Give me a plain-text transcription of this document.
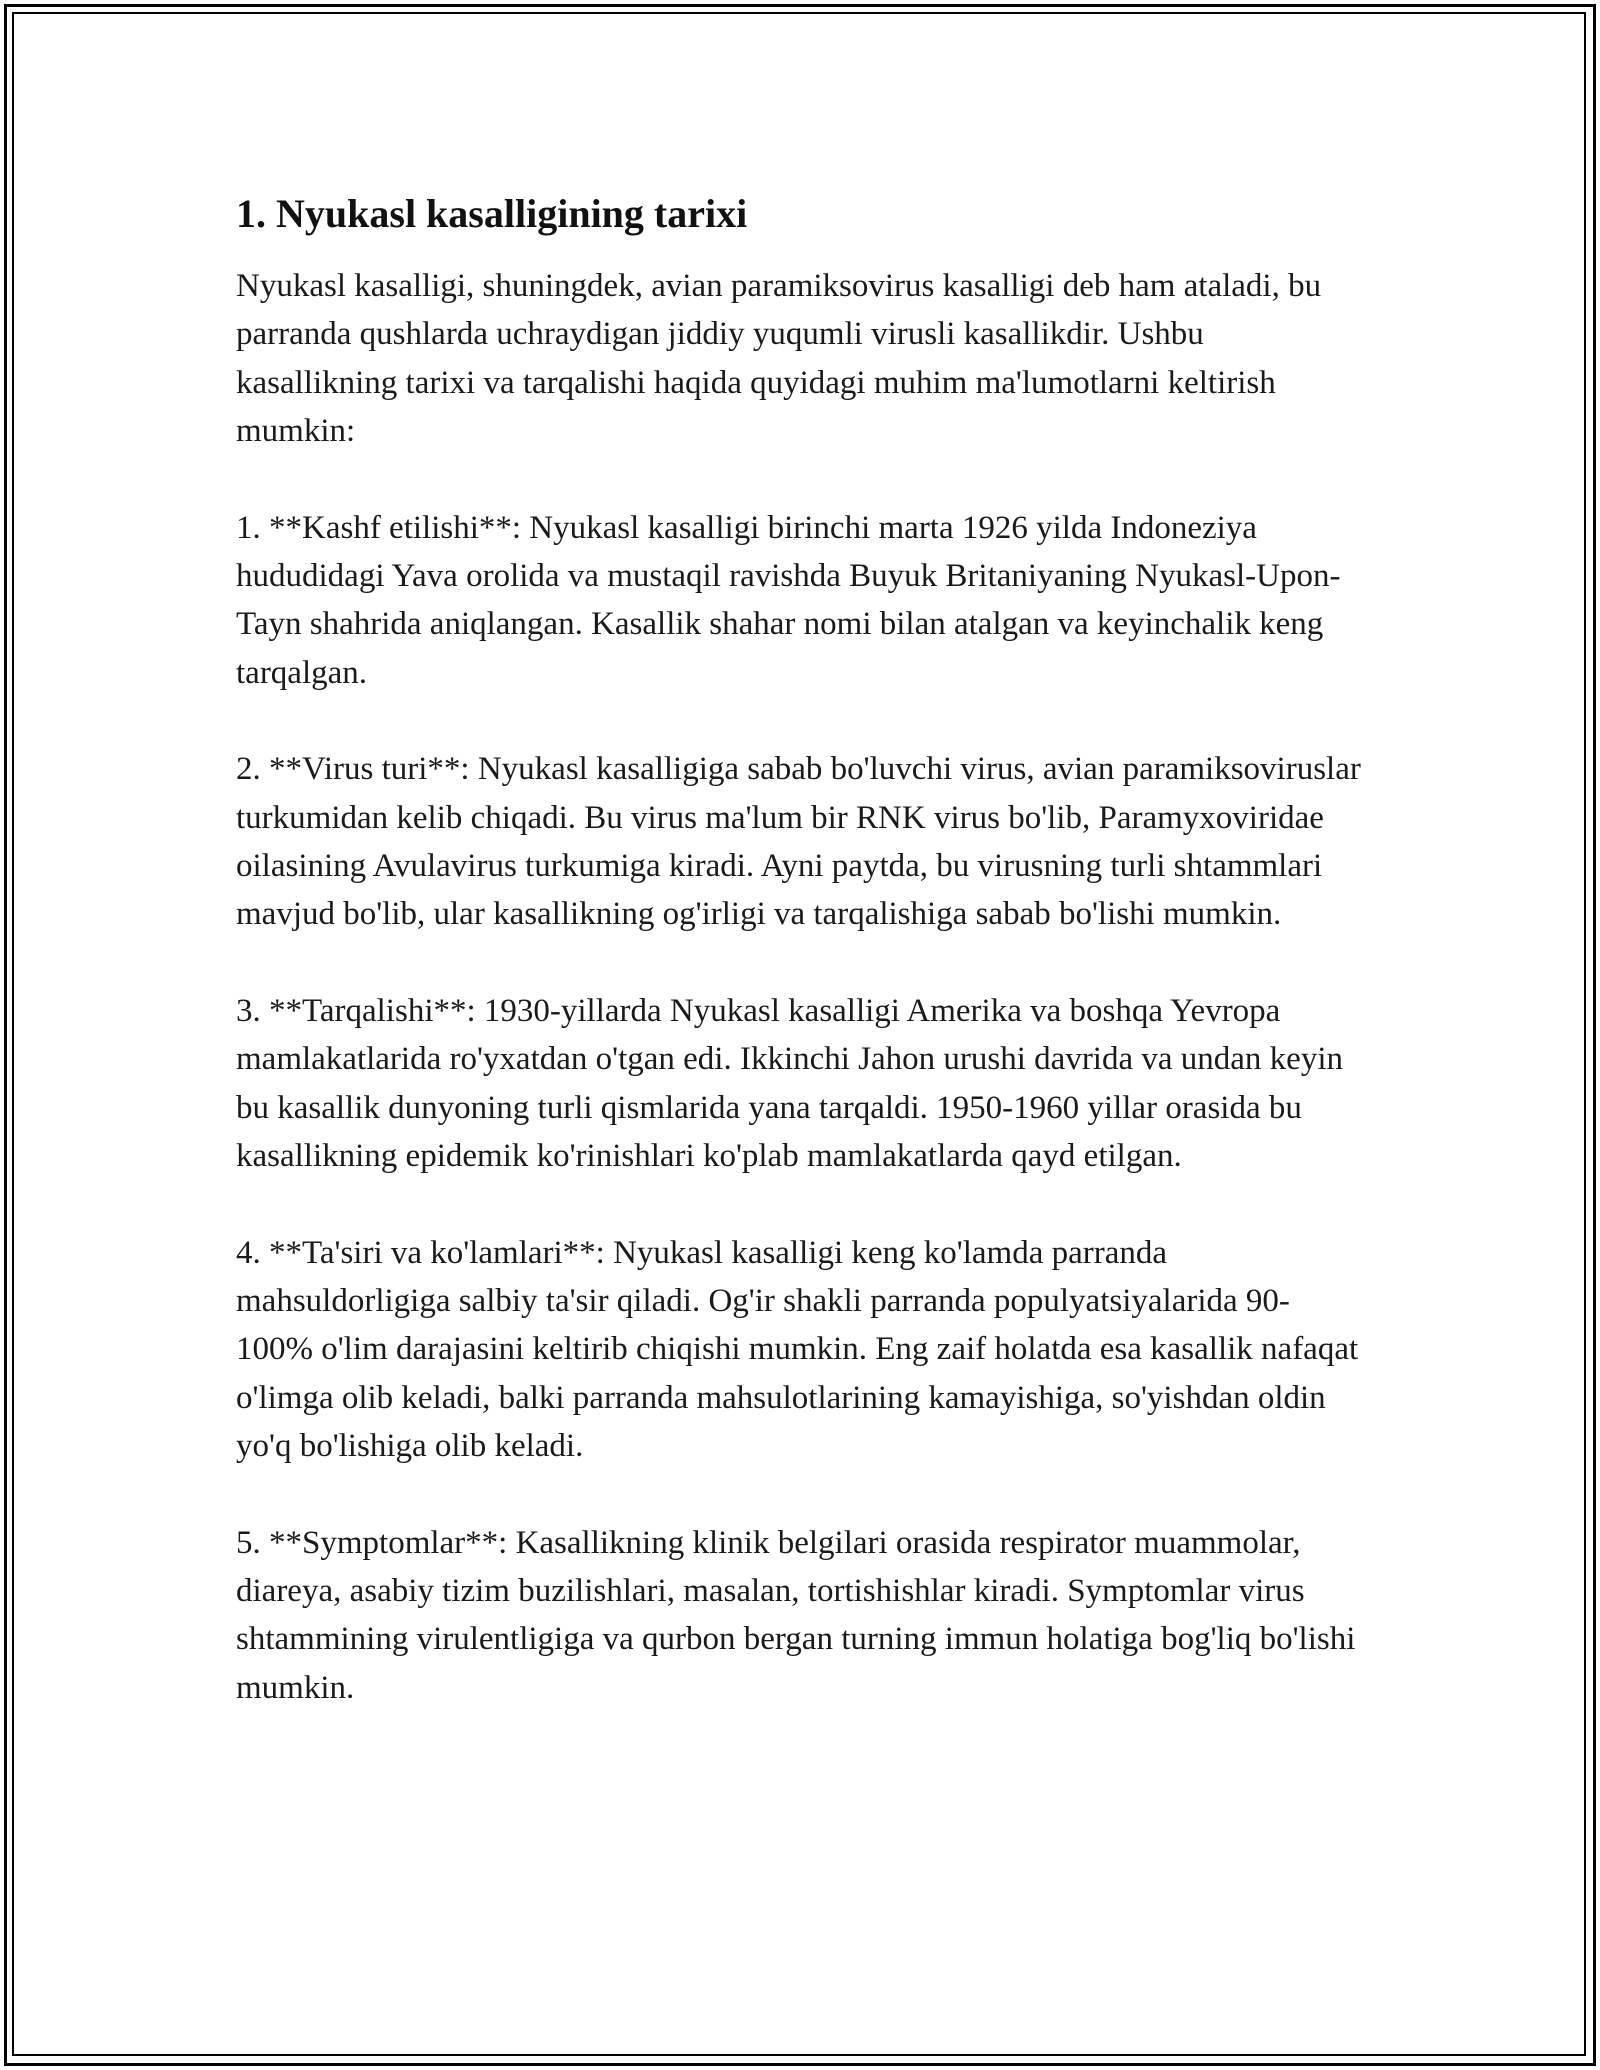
1. Nyukasl kasalligining tarixi

Nyukasl kasalligi, shuningdek, avian paramiksovirus kasalligi deb ham ataladi, bu parranda qushlarda uchraydigan jiddiy yuqumli virusli kasallikdir. Ushbu kasallikning tarixi va tarqalishi haqida quyidagi muhim ma'lumotlarni keltirish mumkin:

1. **Kashf etilishi**: Nyukasl kasalligi birinchi marta 1926 yilda Indoneziya hududidagi Yava orolida va mustaqil ravishda Buyuk Britaniyaning Nyukasl-Upon-Tayn shahrida aniqlangan. Kasallik shahar nomi bilan atalgan va keyinchalik keng tarqalgan.

2. **Virus turi**: Nyukasl kasalligiga sabab bo'luvchi virus, avian paramiksoviruslar turkumidan kelib chiqadi. Bu virus ma'lum bir RNK virus bo'lib, Paramyxoviridae oilasining Avulavirus turkumiga kiradi. Ayni paytda, bu virusning turli shtammlari mavjud bo'lib, ular kasallikning og'irligi va tarqalishiga sabab bo'lishi mumkin.

3. **Tarqalishi**: 1930-yillarda Nyukasl kasalligi Amerika va boshqa Yevropa mamlakatlarida ro'yxatdan o'tgan edi. Ikkinchi Jahon urushi davrida va undan keyin bu kasallik dunyoning turli qismlarida yana tarqaldi. 1950-1960 yillar orasida bu kasallikning epidemik ko'rinishlari ko'plab mamlakatlarda qayd etilgan.

4. **Ta'siri va ko'lamlari**: Nyukasl kasalligi keng ko'lamda parranda mahsuldorligiga salbiy ta'sir qiladi. Og'ir shakli parranda populyatsiyalarida 90-100% o'lim darajasini keltirib chiqishi mumkin. Eng zaif holatda esa kasallik nafaqat o'limga olib keladi, balki parranda mahsulotlarining kamayishiga, so'yishdan oldin yo'q bo'lishiga olib keladi.

5. **Symptomlar**: Kasallikning klinik belgilari orasida respirator muammolar, diareya, asabiy tizim buzilishlari, masalan, tortishishlar kiradi. Symptomlar virus shtammining virulentligiga va qurbon bergan turning immun holatiga bog'liq bo'lishi mumkin.
